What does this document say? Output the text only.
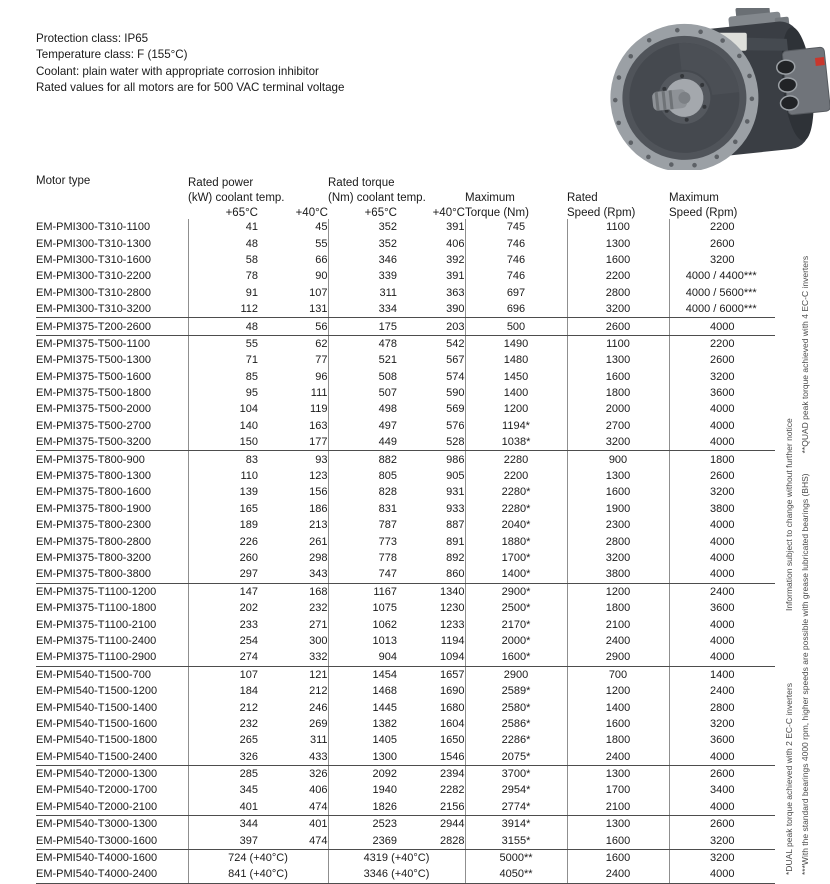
Protection class: IP65
Temperature class: F (155°C)
Coolant: plain water with appropriate corrosion inhibitor
Rated values for all motors are for 500 VAC terminal voltage
Motor type	Rated power		Rated torque				
	(kW) coolant temp.		(Nm) coolant temp.		Maximum	Rated	Maximum
	+65°C	+40°C	+65°C	+40°C	Torque (Nm)	Speed (Rpm)	Speed (Rpm)
EM-PMI300-T310-1100	41	45	352	391	745	1100	2200
EM-PMI300-T310-1300	48	55	352	406	746	1300	2600
EM-PMI300-T310-1600	58	66	346	392	746	1600	3200
EM-PMI300-T310-2200	78	90	339	391	746	2200	4000 / 4400***
EM-PMI300-T310-2800	91	107	311	363	697	2800	4000 / 5600***
EM-PMI300-T310-3200	112	131	334	390	696	3200	4000 / 6000***
EM-PMI375-T200-2600	48	56	175	203	500	2600	4000
EM-PMI375-T500-1100	55	62	478	542	1490	1100	2200
EM-PMI375-T500-1300	71	77	521	567	1480	1300	2600
EM-PMI375-T500-1600	85	96	508	574	1450	1600	3200
EM-PMI375-T500-1800	95	111	507	590	1400	1800	3600
EM-PMI375-T500-2000	104	119	498	569	1200	2000	4000
EM-PMI375-T500-2700	140	163	497	576	1194*	2700	4000
EM-PMI375-T500-3200	150	177	449	528	1038*	3200	4000
EM-PMI375-T800-900	83	93	882	986	2280	900	1800
EM-PMI375-T800-1300	110	123	805	905	2200	1300	2600
EM-PMI375-T800-1600	139	156	828	931	2280*	1600	3200
EM-PMI375-T800-1900	165	186	831	933	2280*	1900	3800
EM-PMI375-T800-2300	189	213	787	887	2040*	2300	4000
EM-PMI375-T800-2800	226	261	773	891	1880*	2800	4000
EM-PMI375-T800-3200	260	298	778	892	1700*	3200	4000
EM-PMI375-T800-3800	297	343	747	860	1400*	3800	4000
EM-PMI375-T1100-1200	147	168	1167	1340	2900*	1200	2400
EM-PMI375-T1100-1800	202	232	1075	1230	2500*	1800	3600
EM-PMI375-T1100-2100	233	271	1062	1233	2170*	2100	4000
EM-PMI375-T1100-2400	254	300	1013	1194	2000*	2400	4000
EM-PMI375-T1100-2900	274	332	904	1094	1600*	2900	4000
EM-PMI540-T1500-700	107	121	1454	1657	2900	700	1400
EM-PMI540-T1500-1200	184	212	1468	1690	2589*	1200	2400
EM-PMI540-T1500-1400	212	246	1445	1680	2580*	1400	2800
EM-PMI540-T1500-1600	232	269	1382	1604	2586*	1600	3200
EM-PMI540-T1500-1800	265	311	1405	1650	2286*	1800	3600
EM-PMI540-T1500-2400	326	433	1300	1546	2075*	2400	4000
EM-PMI540-T2000-1300	285	326	2092	2394	3700*	1300	2600
EM-PMI540-T2000-1700	345	406	1940	2282	2954*	1700	3400
EM-PMI540-T2000-2100	401	474	1826	2156	2774*	2100	4000
EM-PMI540-T3000-1300	344	401	2523	2944	3914*	1300	2600
EM-PMI540-T3000-1600	397	474	2369	2828	3155*	1600	3200
EM-PMI540-T4000-1600	724 (+40°C)		4319 (+40°C)		5000**	1600	3200
EM-PMI540-T4000-2400	841 (+40°C)		3346 (+40°C)		4050**	2400	4000	*DUAL peak torque achieved with 2 EC-C invertersInformation subject to change without further notice ***With the standard bearings 4000 rpm, higher speeds are possible with grease lubricated bearings (BHS)**QUAD peak torque achieved with 4 EC-C inverters
